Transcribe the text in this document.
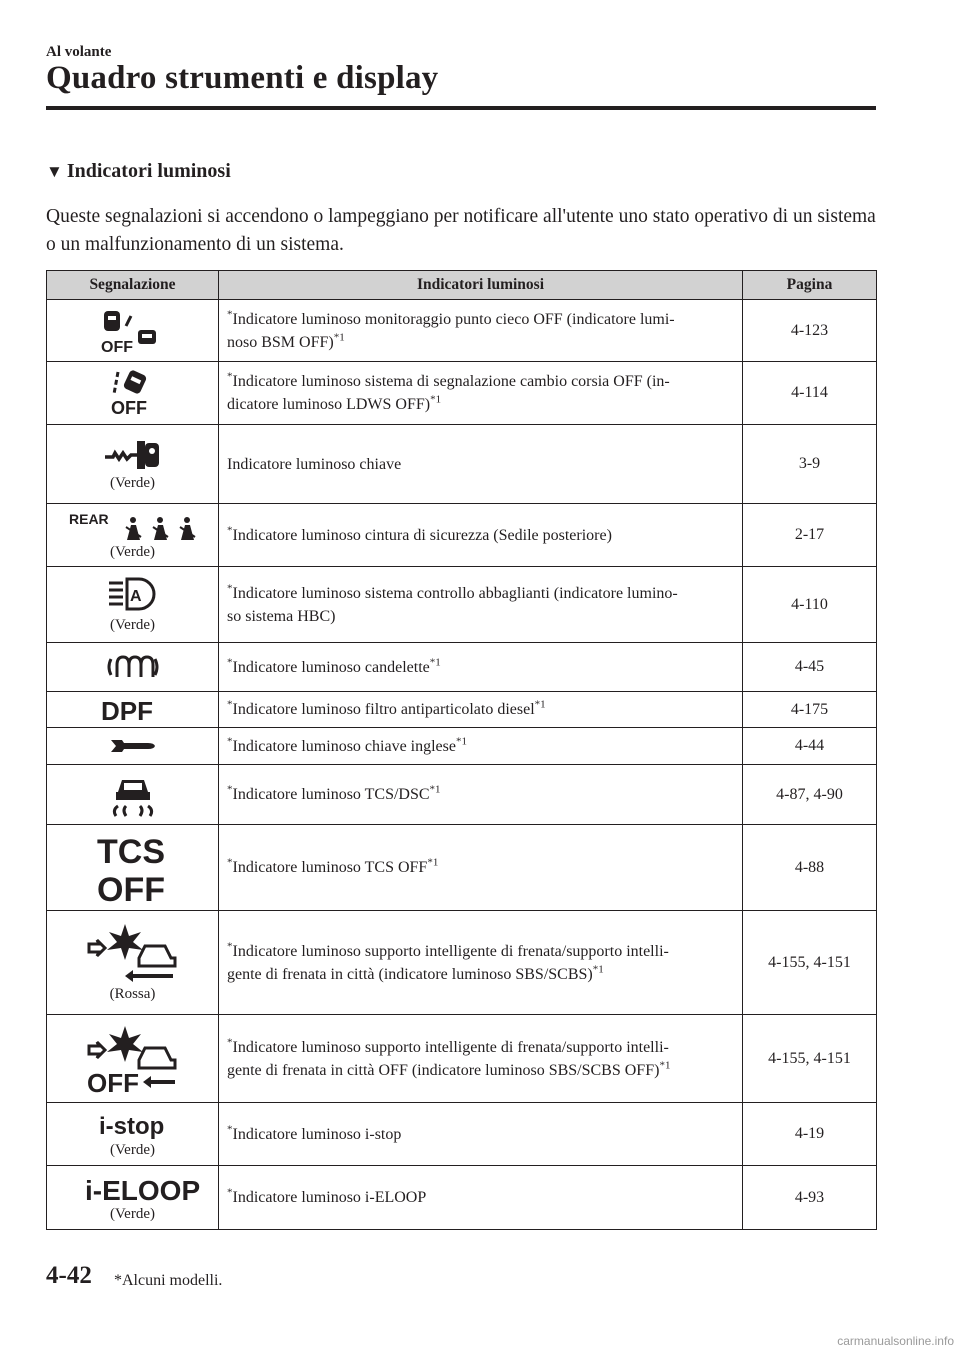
Al volante
Quadro strumenti e display
▼ Indicatori luminosi
Queste segnalazioni si accendono o lampeggiano per notificare all'utente uno stato operativo di un sistema o un malfunzionamento di un sistema.
Segnalazione	Indicatori luminosi	Pagina

OFF	*Indicatore luminoso monitoraggio punto cieco OFF (indicatore lumi-
noso BSM OFF)$^{*1}$	4-123

OFF	*Indicatore luminoso sistema di segnalazione cambio corsia OFF (in-
dicatore luminoso LDWS OFF)$^{*1}$	4-114

(Verde)	Indicatore luminoso chiave	3-9

REAR
(Verde)	*Indicatore luminoso cintura di sicurezza (Sedile posteriore)	2-17

A
(Verde)	*Indicatore luminoso sistema controllo abbaglianti (indicatore lumino-
so sistema HBC)	4-110

	*Indicatore luminoso candelette$^{*1}$	4-45

DPF	*Indicatore luminoso filtro antiparticolato diesel$^{*1}$	4-175

	*Indicatore luminoso chiave inglese$^{*1}$	4-44

	*Indicatore luminoso TCS/DSC$^{*1}$	4-87, 4-90

TCS
OFF	*Indicatore luminoso TCS OFF$^{*1}$	4-88

(Rossa)	*Indicatore luminoso supporto intelligente di frenata/supporto intelli-
gente di frenata in città (indicatore luminoso SBS/SCBS)$^{*1}$	4-155, 4-151

OFF	*Indicatore luminoso supporto intelligente di frenata/supporto intelli-
gente di frenata in città OFF (indicatore luminoso SBS/SCBS OFF)$^{*1}$	4-155, 4-151

i-stop
(Verde)	*Indicatore luminoso i-stop	4-19

i-ELOOP
(Verde)	*Indicatore luminoso i-ELOOP	4-93
4-42 *Alcuni modelli.
carmanualsonline.info
